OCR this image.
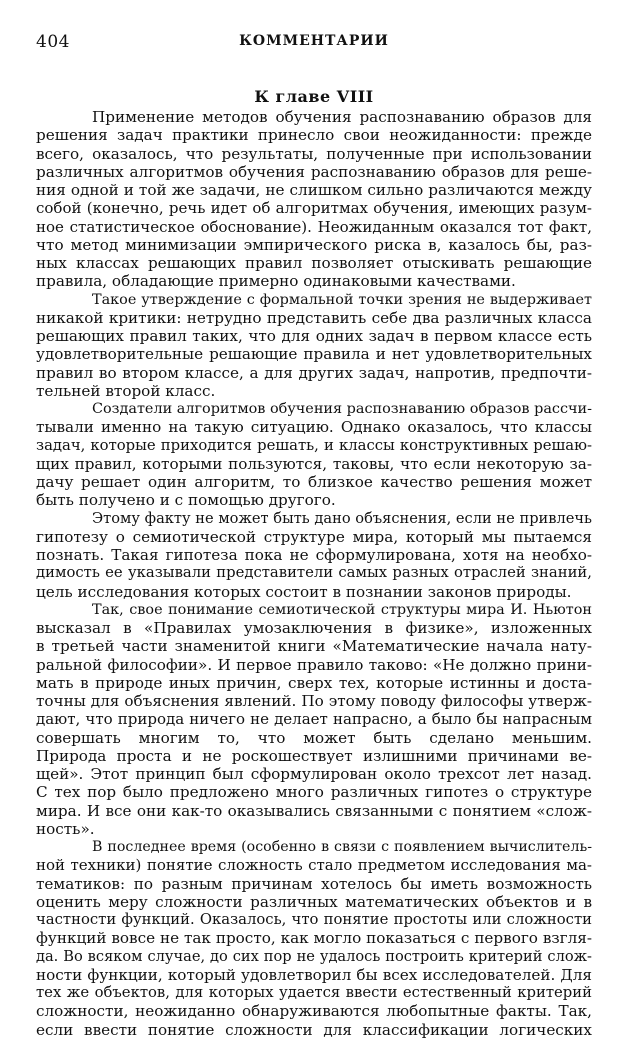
404	КОММЕНТАРИИ
К главе VIII
Применение методов обучения распознаванию образов для
решения задач практики принесло свои неожиданности: прежде
всего, оказалось, что результаты, полученные при использовании
различных алгоритмов обучения распознаванию образов для реше-
ния одной и той же задачи, не слишком сильно различаются между
собой (конечно, речь идет об алгоритмах обучения, имеющих разум-
ное статистическое обоснование). Неожиданным оказался тот факт,
что метод минимизации эмпирического риска в, казалось бы, раз-
ных классах решающих правил позволяет отыскивать решающие
правила, обладающие примерно одинаковыми качествами.
Такое утверждение с формальной точки зрения не выдерживает
никакой критики: нетрудно представить себе два различных класса
решающих правил таких, что для одних задач в первом классе есть
удовлетворительные решающие правила и нет удовлетворительных
правил во втором классе, а для других задач, напротив, предпочти-
тельней второй класс.
Создатели алгоритмов обучения распознаванию образов рассчи-
тывали именно на такую ситуацию. Однако оказалось, что классы
задач, которые приходится решать, и классы конструктивных решаю-
щих правил, которыми пользуются, таковы, что если некоторую за-
дачу решает один алгоритм, то близкое качество решения может
быть получено и с помощью другого.
Этому факту не может быть дано объяснения, если не привлечь
гипотезу о семиотической структуре мира, который мы пытаемся
познать. Такая гипотеза пока не сформулирована, хотя на необхо-
димость ее указывали представители самых разных отраслей знаний,
цель исследования которых состоит в познании законов природы.
Так, свое понимание семиотической структуры мира И. Ньютон
высказал в «Правилах умозаключения в физике», изложенных
в третьей части знаменитой книги «Математические начала нату-
ральной философии». И первое правило таково: «Не должно прини-
мать в природе иных причин, сверх тех, которые истинны и доста-
точны для объяснения явлений. По этому поводу философы утверж-
дают, что природа ничего не делает напрасно, а было бы напрасным
совершать многим то, что может быть сделано меньшим.
Природа проста и не роскошествует излишними причинами ве-
щей». Этот принцип был сформулирован около трехсот лет назад.
С тех пор было предложено много различных гипотез о структуре
мира. И все они как-то оказывались связанными с понятием «слож-
ность».
В последнее время (особенно в связи с появлением вычислитель-
ной техники) понятие сложность стало предметом исследования ма-
тематиков: по разным причинам хотелось бы иметь возможность
оценить меру сложности различных математических объектов и в
частности функций. Оказалось, что понятие простоты или сложности
функций вовсе не так просто, как могло показаться с первого взгля-
да. Во всяком случае, до сих пор не удалось построить критерий слож-
ности функции, который удовлетворил бы всех исследователей. Для
тех же объектов, для которых удается ввести естественный критерий
сложности, неожиданно обнаруживаются любопытные факты. Так,
если ввести понятие сложности для классификации логических
